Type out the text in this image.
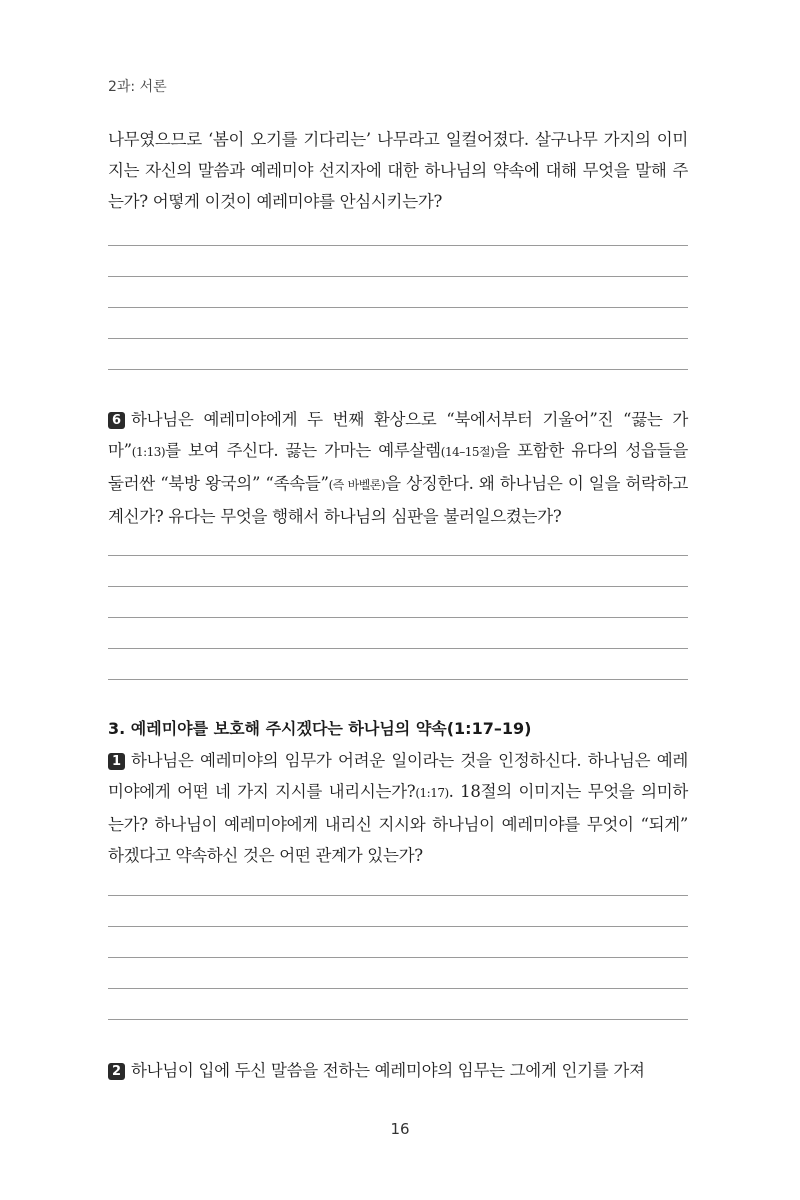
2과: 서론

나무였으므로 ‘봄이 오기를 기다리는’ 나무라고 일컬어졌다. 살구나무 가지의 이미지는 자신의 말씀과 예레미야 선지자에 대한 하나님의 약속에 대해 무엇을 말해 주는가? 어떻게 이것이 예레미야를 안심시키는가?

6 하나님은 예레미야에게 두 번째 환상으로 “북에서부터 기울어”진 “끓는 가마”(1:13)를 보여 주신다. 끓는 가마는 예루살렘(14–15절)을 포함한 유다의 성읍들을 둘러싼 “북방 왕국의” “족속들”(즉 바벨론)을 상징한다. 왜 하나님은 이 일을 허락하고 계신가? 유다는 무엇을 행해서 하나님의 심판을 불러일으켰는가?

3. 예레미야를 보호해 주시겠다는 하나님의 약속(1:17–19)

1 하나님은 예레미야의 임무가 어려운 일이라는 것을 인정하신다. 하나님은 예레미야에게 어떤 네 가지 지시를 내리시는가?(1:17). 18절의 이미지는 무엇을 의미하는가? 하나님이 예레미야에게 내리신 지시와 하나님이 예레미야를 무엇이 “되게” 하겠다고 약속하신 것은 어떤 관계가 있는가?

2 하나님이 입에 두신 말씀을 전하는 예레미야의 임무는 그에게 인기를 가져

16
